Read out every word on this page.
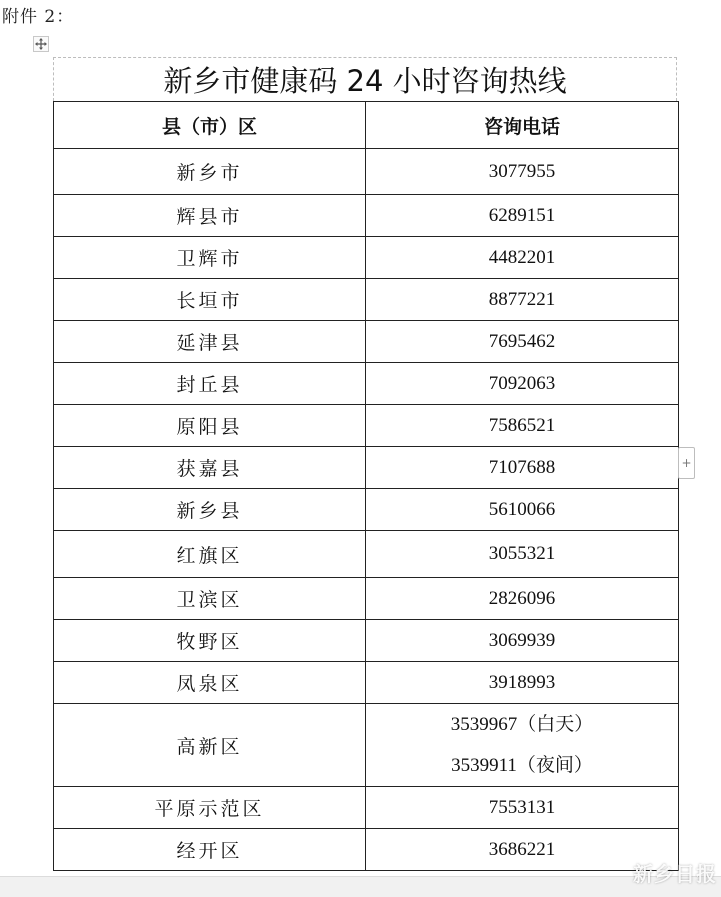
附件 2：
新乡市健康码 24 小时咨询热线
县（市）区	咨询电话
新乡市	3077955

辉县市	6289151

卫辉市	4482201

长垣市	8877221

延津县	7695462

封丘县	7092063

原阳县	7586521

获嘉县	7107688

新乡县	5610066

红旗区	3055321

卫滨区	2826096

牧野区	3069939

凤泉区	3918993

高新区	3539967（白天）
3539911（夜间）

平原示范区	7553131

经开区	3686221
+
新乡日报
